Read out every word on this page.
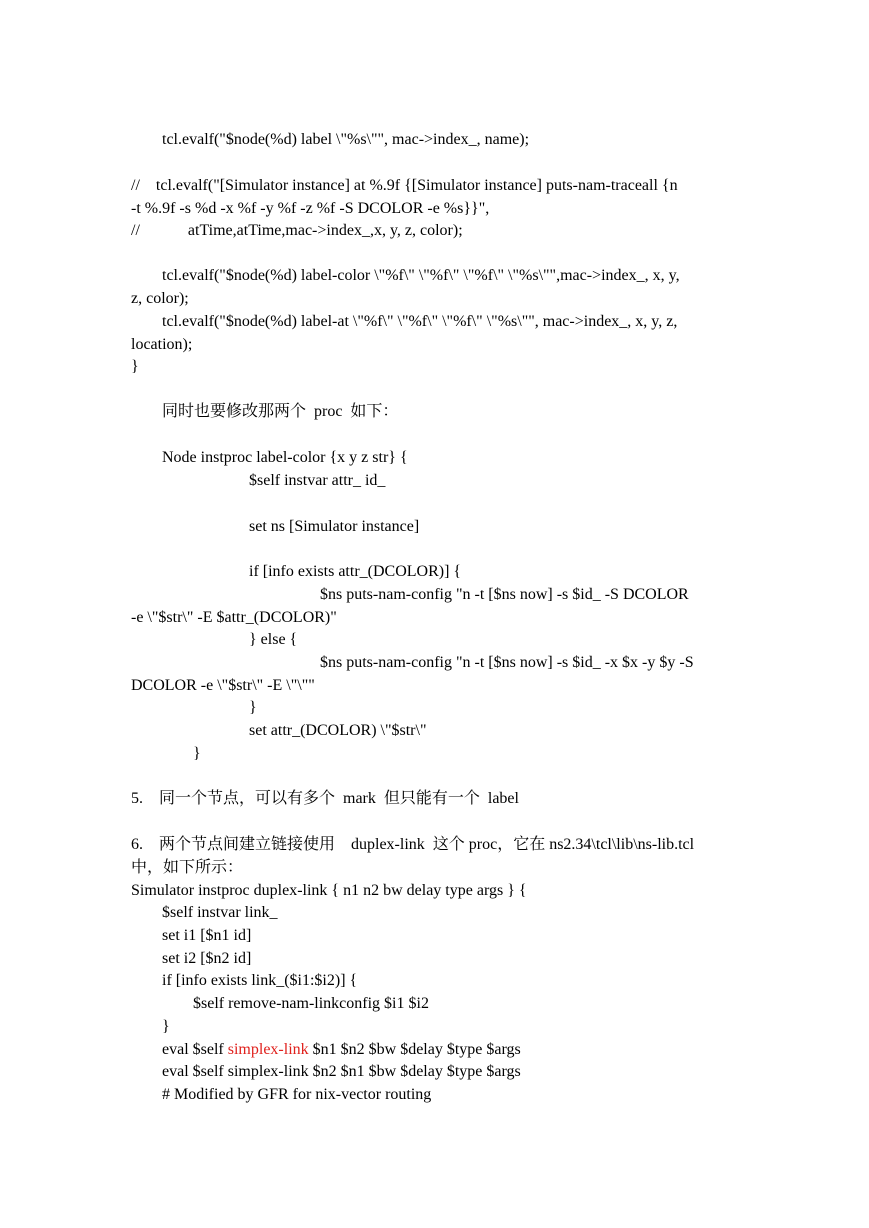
tcl.evalf("$node(%d) label \"%s\"", mac->index_, name);
//    tcl.evalf("[Simulator instance] at %.9f {[Simulator instance] puts-nam-traceall {n
-t %.9f -s %d -x %f -y %f -z %f -S DCOLOR -e %s}}",
//            atTime,atTime,mac->index_,x, y, z, color);
tcl.evalf("$node(%d) label-color \"%f\" \"%f\" \"%f\" \"%s\"",mac->index_, x, y,
z, color);
tcl.evalf("$node(%d) label-at \"%f\" \"%f\" \"%f\" \"%s\"", mac->index_, x, y, z,
location);
}
同时也要修改那两个  proc  如下：
Node instproc label-color {x y z str} {
$self instvar attr_ id_
set ns [Simulator instance]
if [info exists attr_(DCOLOR)] {
$ns puts-nam-config "n -t [$ns now] -s $id_ -S DCOLOR
-e \"$str\" -E $attr_(DCOLOR)"
} else {
$ns puts-nam-config "n -t [$ns now] -s $id_ -x $x -y $y -S
DCOLOR -e \"$str\" -E \"\""
}
set attr_(DCOLOR) \"$str\"
}
5.    同一个节点，可以有多个  mark  但只能有一个  label
6.    两个节点间建立链接使用    duplex-link  这个 proc，它在 ns2.34\tcl\lib\ns-lib.tcl
中，如下所示：
Simulator instproc duplex-link { n1 n2 bw delay type args } {
$self instvar link_
set i1 [$n1 id]
set i2 [$n2 id]
if [info exists link_($i1:$i2)] {
$self remove-nam-linkconfig $i1 $i2
}
eval $self simplex-link $n1 $n2 $bw $delay $type $args
eval $self simplex-link $n2 $n1 $bw $delay $type $args
# Modified by GFR for nix-vector routing
